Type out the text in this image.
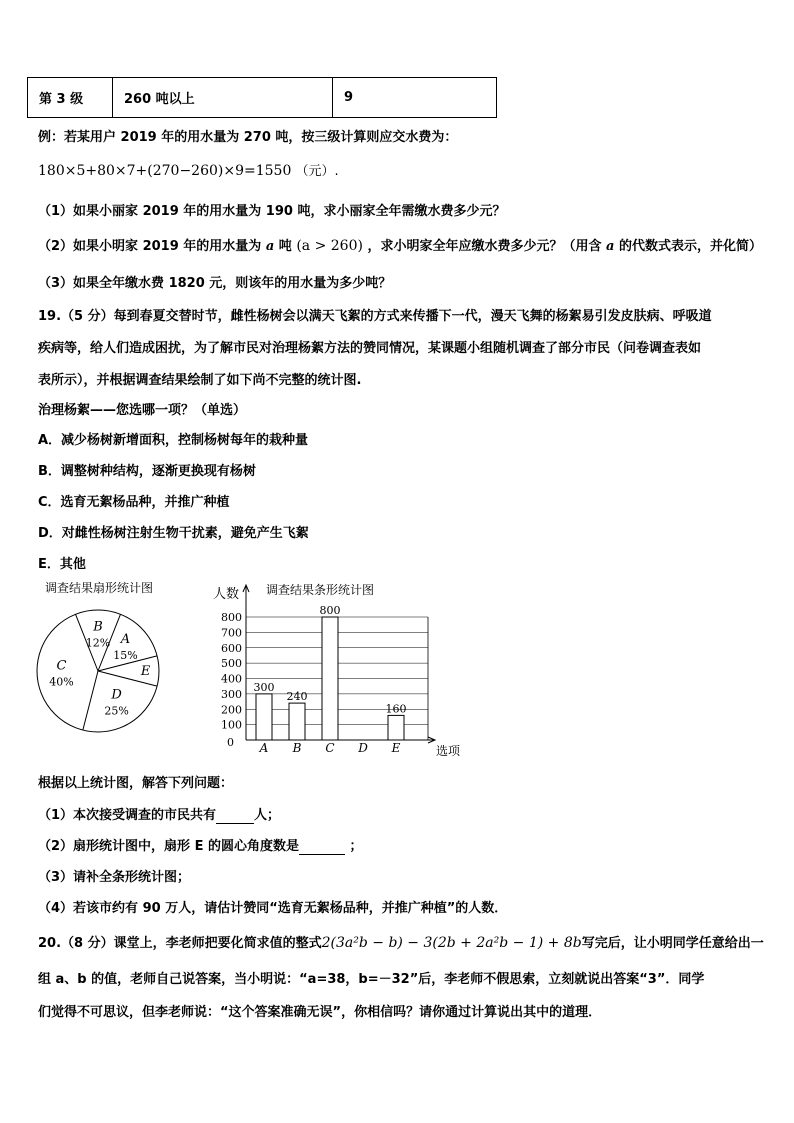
第 3 级	260 吨以上	9
例：若某用户 2019 年的用水量为 270 吨，按三级计算则应交水费为：
180×5+80×7+(270−260)×9=1550 （元）.
（1）如果小丽家 2019 年的用水量为 190 吨，求小丽家全年需缴水费多少元？
（2）如果小明家 2019 年的用水量为 a 吨 (a > 260) ，求小明家全年应缴水费多少元？（用含 a 的代数式表示，并化简）
（3）如果全年缴水费 1820 元，则该年的用水量为多少吨？
19.（5 分）每到春夏交替时节，雌性杨树会以满天飞絮的方式来传播下一代，漫天飞舞的杨絮易引发皮肤病、呼吸道
疾病等，给人们造成困扰，为了解市民对治理杨絮方法的赞同情况，某课题小组随机调查了部分市民（问卷调查表如
表所示），并根据调查结果绘制了如下尚不完整的统计图.
治理杨絮——您选哪一项？（单选）
A．减少杨树新增面积，控制杨树每年的栽种量
B．调整树种结构，逐渐更换现有杨树
C．选育无絮杨品种，并推广种植
D．对雌性杨树注射生物干扰素，避免产生飞絮
E．其他
调查结果扇形统计图
A
15%
B
12%
C
40%
D
25%
E
调查结果条形统计图
人数
选项
0
100
200
300
400
500
600
700
800
A
300
B
240
C
800
D E
160
根据以上统计图，解答下列问题：
（1）本次接受调查的市民共有	人；
（2）扇形统计图中，扇形 E 的圆心角度数是	；
（3）请补全条形统计图；
（4）若该市约有 90 万人，请估计赞同“选育无絮杨品种，并推广种植”的人数．
20.（8 分）课堂上，李老师把要化简求值的整式2(3a²b − b) − 3(2b + 2a²b − 1) + 8b写完后，让小明同学任意给出一
组 a、b 的值，老师自己说答案，当小明说：“a=38，b=－32”后，李老师不假思索，立刻就说出答案“3”．同学
们觉得不可思议，但李老师说：“这个答案准确无误”，你相信吗？请你通过计算说出其中的道理．
